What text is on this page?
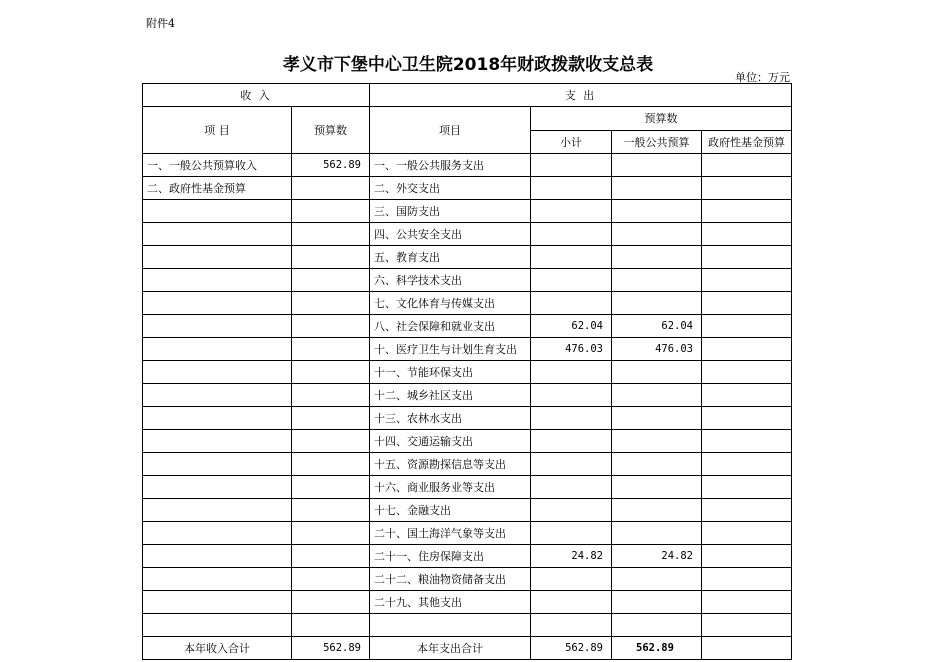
附件4
孝义市下堡中心卫生院2018年财政拨款收支总表
单位：万元
收 入		支 出			
项 目	预算数	项目	预算数		
			小计	一般公共预算	政府性基金预算
一、一般公共预算收入	562.89	一、一般公共服务支出			
二、政府性基金预算		二、外交支出			
		三、国防支出			
		四、公共安全支出			
		五、教育支出			
		六、科学技术支出			
		七、文化体育与传媒支出			
		八、社会保障和就业支出	62.04	62.04	
		十、医疗卫生与计划生育支出	476.03	476.03	
		十一、节能环保支出			
		十二、城乡社区支出			
		十三、农林水支出			
		十四、交通运输支出			
		十五、资源勘探信息等支出			
		十六、商业服务业等支出			
		十七、金融支出			
		二十、国土海洋气象等支出			
		二十一、住房保障支出	24.82	24.82	
		二十二、粮油物资储备支出			
		二十九、其他支出			

本年收入合计	562.89	本年支出合计	562.89	562.89	
